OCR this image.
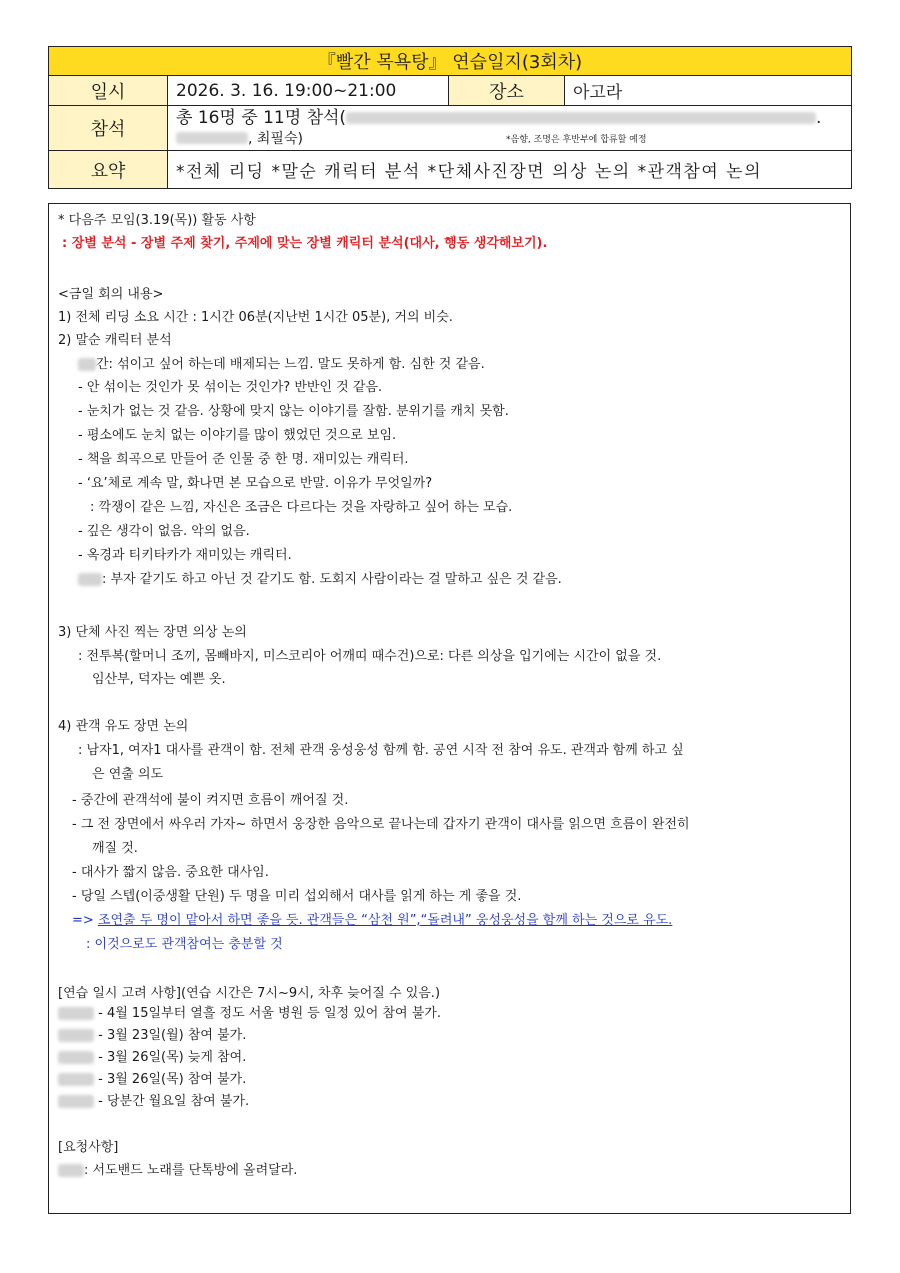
『빨간 목욕탕』 연습일지(3회차)			
일시	2026. 3. 16. 19:00~21:00	장소	아고라
참석	총 16명 중 11명 참석( .
, 최필숙) *음향, 조명은 후반부에 합류할 예정		

요약	*전체 리딩 *말순 캐릭터 분석 *단체사진장면 의상 논의 *관객참여 논의		
* 다음주 모임(3.19(목)) 활동 사항
: 장별 분석 - 장별 주제 찾기, 주제에 맞는 장별 캐릭터 분석(대사, 행동 생각해보기).
<금일 회의 내용>
1) 전체 리딩 소요 시간 : 1시간 06분(지난번 1시간 05분), 거의 비슷.
2) 말순 캐릭터 분석
간: 섞이고 싶어 하는데 배제되는 느낌. 말도 못하게 함. 심한 것 같음.
- 안 섞이는 것인가 못 섞이는 것인가? 반반인 것 같음.
- 눈치가 없는 것 같음. 상황에 맞지 않는 이야기를 잘함. 분위기를 캐치 못함.
- 평소에도 눈치 없는 이야기를 많이 했었던 것으로 보임.
- 책을 희곡으로 만들어 준 인물 중 한 명. 재미있는 캐릭터.
- ‘요’체로 계속 말, 화나면 본 모습으로 반말. 이유가 무엇일까?
: 깍쟁이 같은 느낌, 자신은 조금은 다르다는 것을 자랑하고 싶어 하는 모습.
- 깊은 생각이 없음. 악의 없음.
- 옥경과 티키타카가 재미있는 캐릭터.
: 부자 같기도 하고 아닌 것 같기도 함. 도회지 사람이라는 걸 말하고 싶은 것 같음.
3) 단체 사진 찍는 장면 의상 논의
: 전투복(할머니 조끼, 몸빼바지, 미스코리아 어깨띠 때수건)으로: 다른 의상을 입기에는 시간이 없을 것.
임산부, 덕자는 예쁜 옷.
4) 관객 유도 장면 논의
: 남자1, 여자1 대사를 관객이 함. 전체 관객 웅성웅성 함께 함. 공연 시작 전 참여 유도. 관객과 함께 하고 싶
은 연출 의도
- 중간에 관객석에 불이 켜지면 흐름이 깨어질 것.
- 그 전 장면에서 싸우러 가자~ 하면서 웅장한 음악으로 끝나는데 갑자기 관객이 대사를 읽으면 흐름이 완전히
깨질 것.
- 대사가 짧지 않음. 중요한 대사임.
- 당일 스텝(이중생활 단원) 두 명을 미리 섭외해서 대사를 읽게 하는 게 좋을 것.
=> 조연출 두 명이 맡아서 하면 좋을 듯. 관객들은 “삼천 원”,“돌려내” 웅성웅성을 함께 하는 것으로 유도.
: 이것으로도 관객참여는 충분할 것
[연습 일시 고려 사항](연습 시간은 7시~9시, 차후 늦어질 수 있음.)
- 4월 15일부터 열흘 정도 서울 병원 등 일정 있어 참여 불가.
- 3월 23일(월) 참여 불가.
- 3월 26일(목) 늦게 참여.
- 3월 26일(목) 참여 불가.
- 당분간 월요일 참여 불가.
[요청사항]
: 서도밴드 노래를 단톡방에 올려달라.
